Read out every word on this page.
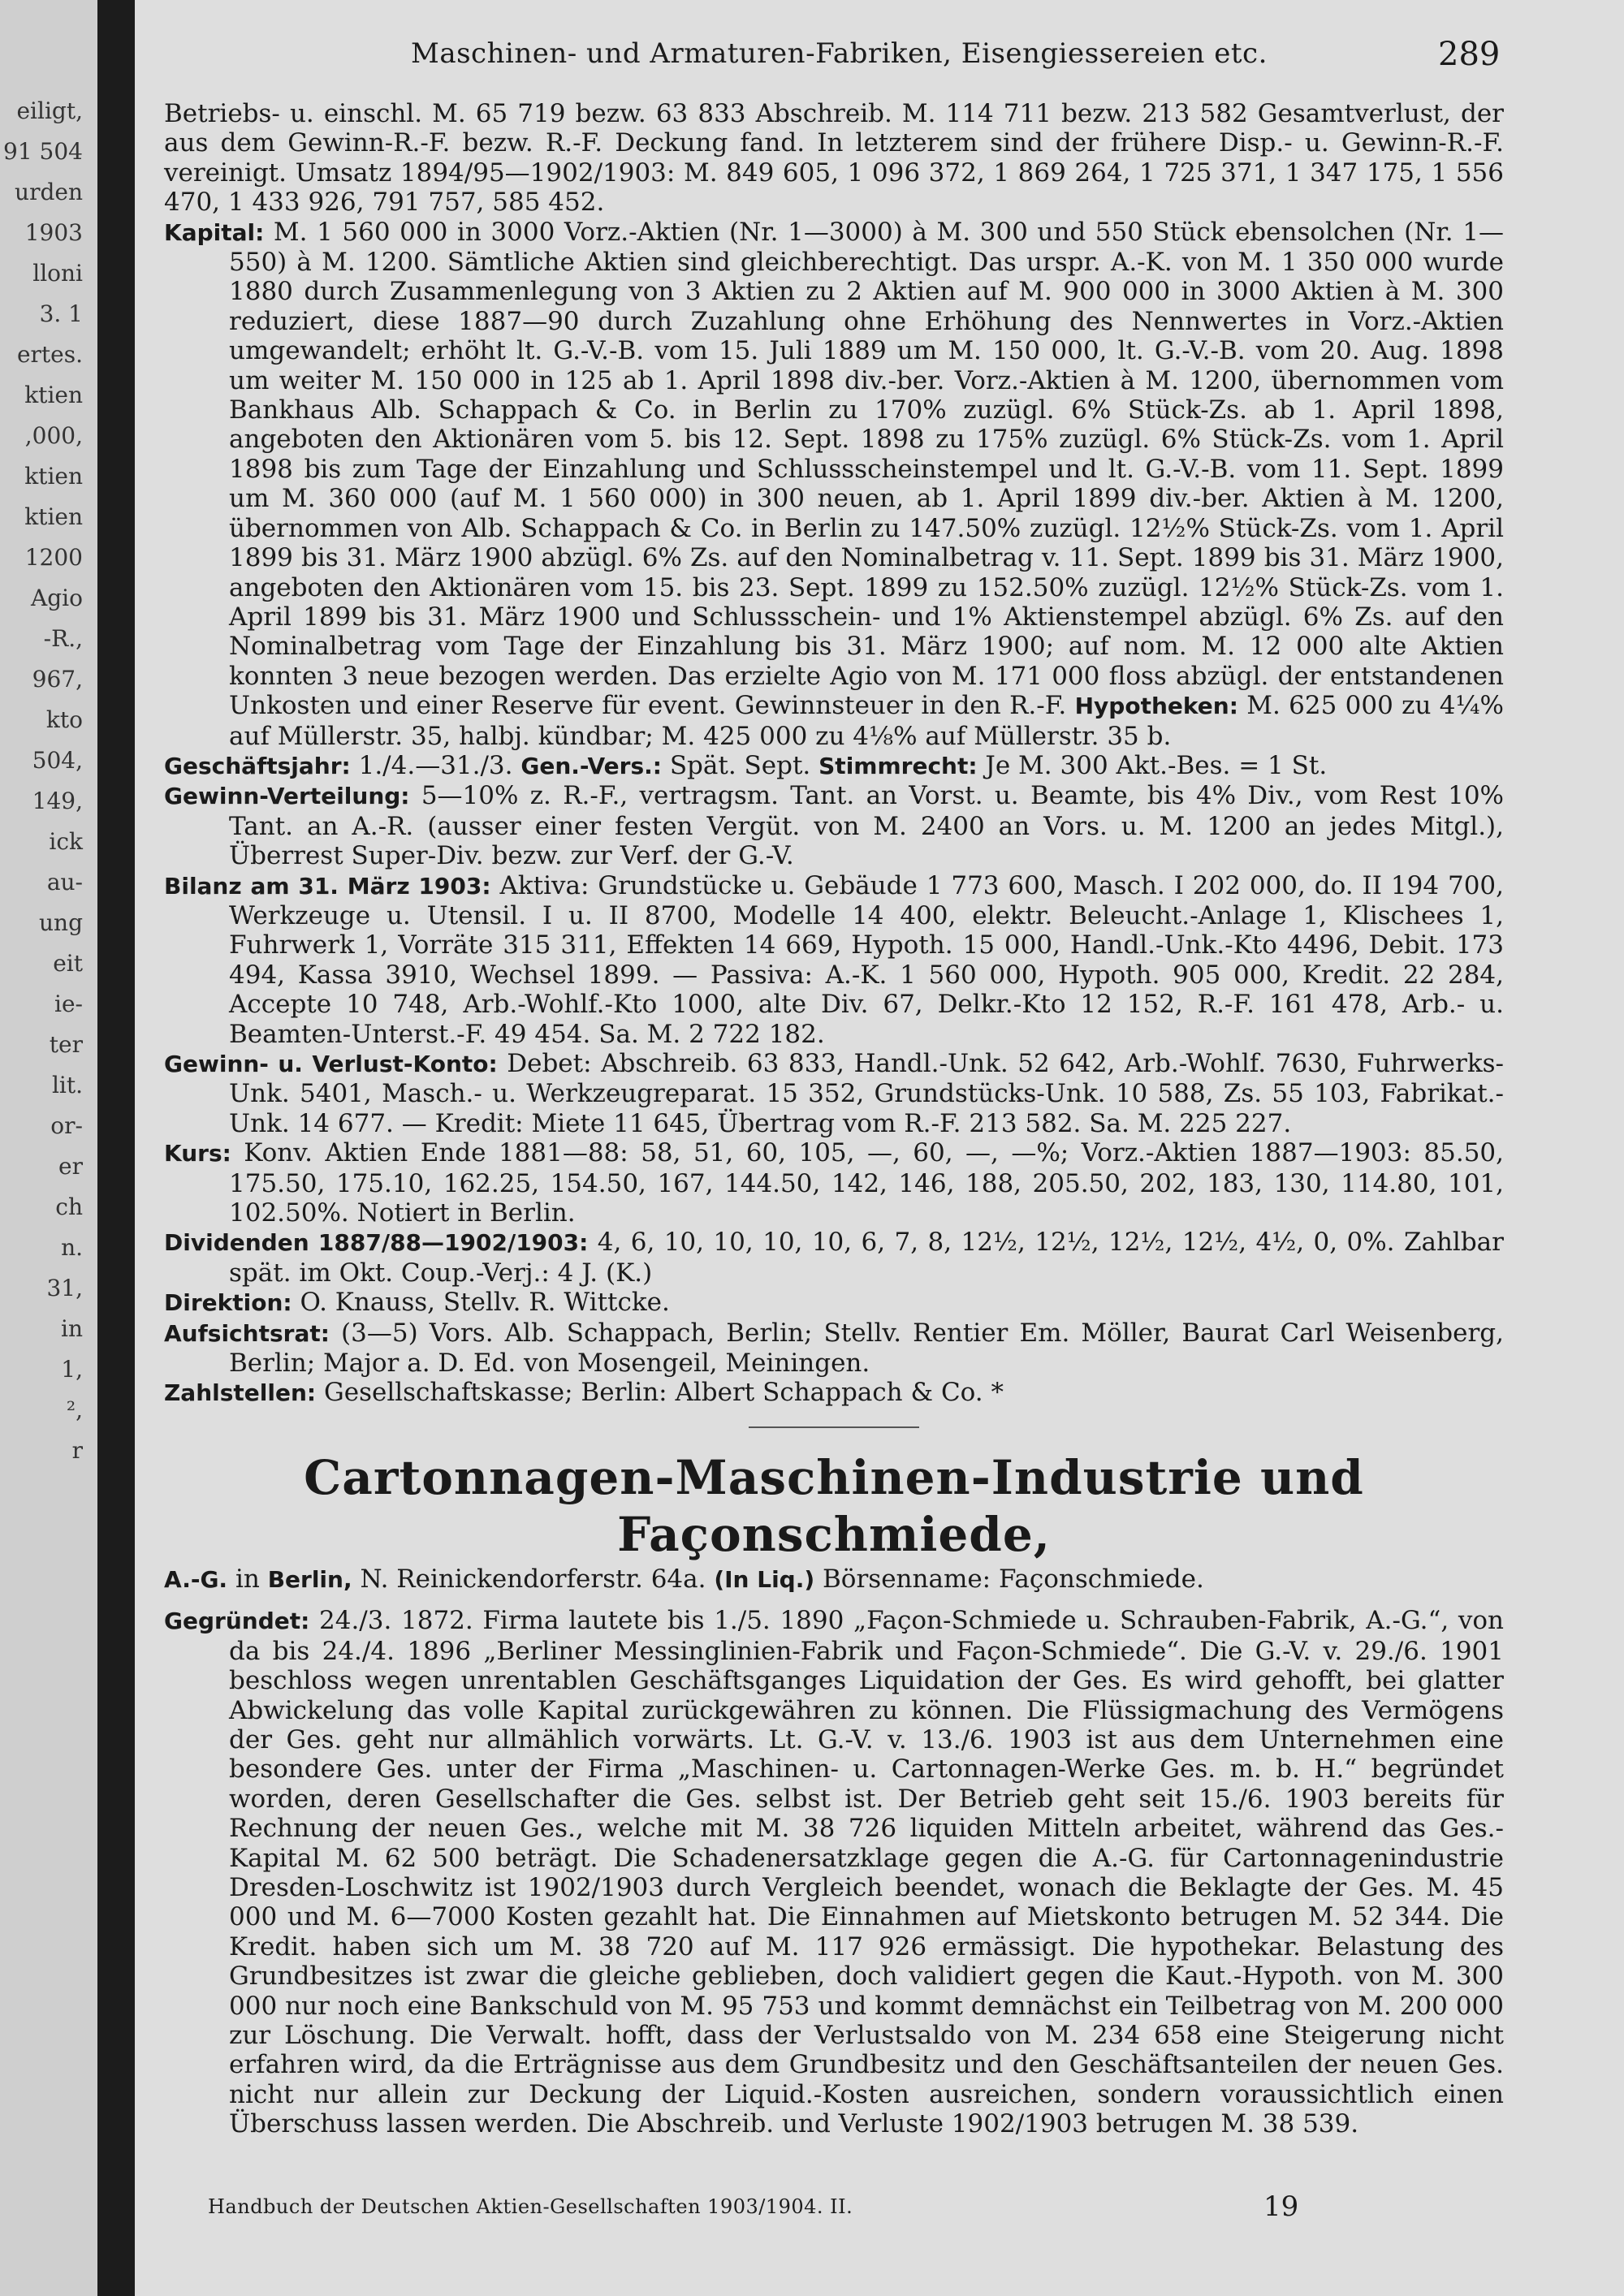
eiligt,
91 504
urden
1903
lloni
3. 1
ertes.
ktien
,000,
ktien
ktien
1200
Agio
-R.,
967,
kto
504,
149,
ick
au-
ung
eit
ie-
ter
lit.
or-
er
ch
n.
31,
in
1,
²,
r
Maschinen- und Armaturen-Fabriken, Eisengiessereien etc.	289

Betriebs- u. einschl. M. 65 719 bezw. 63 833 Abschreib. M. 114 711 bezw. 213 582 Gesamtverlust, der aus dem Gewinn-R.-F. bezw. R.-F. Deckung fand. In letzterem sind der frühere Disp.- u. Gewinn-R.-F. vereinigt. Umsatz 1894/95—1902/1903: M. 849 605, 1 096 372, 1 869 264, 1 725 371, 1 347 175, 1 556 470, 1 433 926, 791 757, 585 452.

Kapital: M. 1 560 000 in 3000 Vorz.-Aktien (Nr. 1—3000) à M. 300 und 550 Stück ebensolchen (Nr. 1—550) à M. 1200. Sämtliche Aktien sind gleichberechtigt. Das urspr. A.-K. von M. 1 350 000 wurde 1880 durch Zusammenlegung von 3 Aktien zu 2 Aktien auf M. 900 000 in 3000 Aktien à M. 300 reduziert, diese 1887—90 durch Zuzahlung ohne Erhöhung des Nennwertes in Vorz.-Aktien umgewandelt; erhöht lt. G.-V.-B. vom 15. Juli 1889 um M. 150 000, lt. G.-V.-B. vom 20. Aug. 1898 um weiter M. 150 000 in 125 ab 1. April 1898 div.-ber. Vorz.-Aktien à M. 1200, übernommen vom Bankhaus Alb. Schappach & Co. in Berlin zu 170% zuzügl. 6% Stück-Zs. ab 1. April 1898, angeboten den Aktionären vom 5. bis 12. Sept. 1898 zu 175% zuzügl. 6% Stück-Zs. vom 1. April 1898 bis zum Tage der Einzahlung und Schlussscheinstempel und lt. G.-V.-B. vom 11. Sept. 1899 um M. 360 000 (auf M. 1 560 000) in 300 neuen, ab 1. April 1899 div.-ber. Aktien à M. 1200, übernommen von Alb. Schappach & Co. in Berlin zu 147.50% zuzügl. 12½% Stück-Zs. vom 1. April 1899 bis 31. März 1900 abzügl. 6% Zs. auf den Nominalbetrag v. 11. Sept. 1899 bis 31. März 1900, angeboten den Aktionären vom 15. bis 23. Sept. 1899 zu 152.50% zuzügl. 12½% Stück-Zs. vom 1. April 1899 bis 31. März 1900 und Schlussschein- und 1% Aktienstempel abzügl. 6% Zs. auf den Nominalbetrag vom Tage der Einzahlung bis 31. März 1900; auf nom. M. 12 000 alte Aktien konnten 3 neue bezogen werden. Das erzielte Agio von M. 171 000 floss abzügl. der entstandenen Unkosten und einer Reserve für event. Gewinnsteuer in den R.-F. Hypotheken: M. 625 000 zu 4¼% auf Müllerstr. 35, halbj. kündbar; M. 425 000 zu 4⅛% auf Müllerstr. 35 b.

Geschäftsjahr: 1./4.—31./3. Gen.-Vers.: Spät. Sept. Stimmrecht: Je M. 300 Akt.-Bes. = 1 St.

Gewinn-Verteilung: 5—10% z. R.-F., vertragsm. Tant. an Vorst. u. Beamte, bis 4% Div., vom Rest 10% Tant. an A.-R. (ausser einer festen Vergüt. von M. 2400 an Vors. u. M. 1200 an jedes Mitgl.), Überrest Super-Div. bezw. zur Verf. der G.-V.

Bilanz am 31. März 1903: Aktiva: Grundstücke u. Gebäude 1 773 600, Masch. I 202 000, do. II 194 700, Werkzeuge u. Utensil. I u. II 8700, Modelle 14 400, elektr. Beleucht.-Anlage 1, Klischees 1, Fuhrwerk 1, Vorräte 315 311, Effekten 14 669, Hypoth. 15 000, Handl.-Unk.-Kto 4496, Debit. 173 494, Kassa 3910, Wechsel 1899. — Passiva: A.-K. 1 560 000, Hypoth. 905 000, Kredit. 22 284, Accepte 10 748, Arb.-Wohlf.-Kto 1000, alte Div. 67, Delkr.-Kto 12 152, R.-F. 161 478, Arb.- u. Beamten-Unterst.-F. 49 454. Sa. M. 2 722 182.

Gewinn- u. Verlust-Konto: Debet: Abschreib. 63 833, Handl.-Unk. 52 642, Arb.-Wohlf. 7630, Fuhrwerks-Unk. 5401, Masch.- u. Werkzeugreparat. 15 352, Grundstücks-Unk. 10 588, Zs. 55 103, Fabrikat.-Unk. 14 677. — Kredit: Miete 11 645, Übertrag vom R.-F. 213 582. Sa. M. 225 227.

Kurs: Konv. Aktien Ende 1881—88: 58, 51, 60, 105, —, 60, —, —%; Vorz.-Aktien 1887—1903: 85.50, 175.50, 175.10, 162.25, 154.50, 167, 144.50, 142, 146, 188, 205.50, 202, 183, 130, 114.80, 101, 102.50%. Notiert in Berlin.

Dividenden 1887/88—1902/1903: 4, 6, 10, 10, 10, 10, 6, 7, 8, 12½, 12½, 12½, 12½, 4½, 0, 0%. Zahlbar spät. im Okt. Coup.-Verj.: 4 J. (K.)

Direktion: O. Knauss, Stellv. R. Wittcke.

Aufsichtsrat: (3—5) Vors. Alb. Schappach, Berlin; Stellv. Rentier Em. Möller, Baurat Carl Weisenberg, Berlin; Major a. D. Ed. von Mosengeil, Meiningen.

Zahlstellen: Gesellschaftskasse; Berlin: Albert Schappach & Co. *

Cartonnagen-Maschinen-Industrie und Façonschmiede,

A.-G. in Berlin, N. Reinickendorferstr. 64a. (In Liq.) Börsenname: Façonschmiede.

Gegründet: 24./3. 1872. Firma lautete bis 1./5. 1890 „Façon-Schmiede u. Schrauben-Fabrik, A.-G.“, von da bis 24./4. 1896 „Berliner Messinglinien-Fabrik und Façon-Schmiede“. Die G.-V. v. 29./6. 1901 beschloss wegen unrentablen Geschäftsganges Liquidation der Ges. Es wird gehofft, bei glatter Abwickelung das volle Kapital zurückgewähren zu können. Die Flüssigmachung des Vermögens der Ges. geht nur allmählich vorwärts. Lt. G.-V. v. 13./6. 1903 ist aus dem Unternehmen eine besondere Ges. unter der Firma „Maschinen- u. Cartonnagen-Werke Ges. m. b. H.“ begründet worden, deren Gesellschafter die Ges. selbst ist. Der Betrieb geht seit 15./6. 1903 bereits für Rechnung der neuen Ges., welche mit M. 38 726 liquiden Mitteln arbeitet, während das Ges.-Kapital M. 62 500 beträgt. Die Schadenersatzklage gegen die A.-G. für Cartonnagenindustrie Dresden-Loschwitz ist 1902/1903 durch Vergleich beendet, wonach die Beklagte der Ges. M. 45 000 und M. 6—7000 Kosten gezahlt hat. Die Einnahmen auf Mietskonto betrugen M. 52 344. Die Kredit. haben sich um M. 38 720 auf M. 117 926 ermässigt. Die hypothekar. Belastung des Grundbesitzes ist zwar die gleiche geblieben, doch validiert gegen die Kaut.-Hypoth. von M. 300 000 nur noch eine Bankschuld von M. 95 753 und kommt demnächst ein Teilbetrag von M. 200 000 zur Löschung. Die Verwalt. hofft, dass der Verlustsaldo von M. 234 658 eine Steigerung nicht erfahren wird, da die Erträgnisse aus dem Grundbesitz und den Geschäftsanteilen der neuen Ges. nicht nur allein zur Deckung der Liquid.-Kosten ausreichen, sondern voraussichtlich einen Überschuss lassen werden. Die Abschreib. und Verluste 1902/1903 betrugen M. 38 539.

Handbuch der Deutschen Aktien-Gesellschaften 1903/1904. II.	19
